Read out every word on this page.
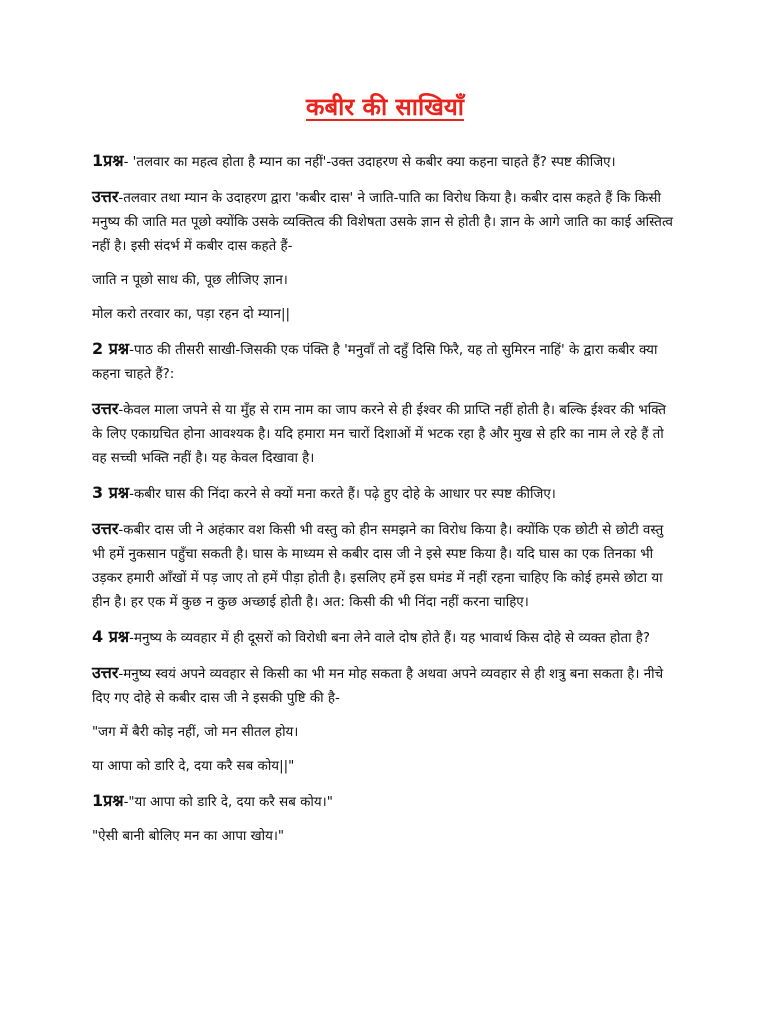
कबीर की साखियाँ

1प्रश्न- 'तलवार का महत्व होता है म्यान का नहीं'-उक्त उदाहरण से कबीर क्या कहना चाहते हैं? स्पष्ट कीजिए।

उत्तर-तलवार तथा म्यान के उदाहरण द्वारा 'कबीर दास' ने जाति-पाति का विरोध किया है। कबीर दास कहते हैं कि किसी मनुष्य की जाति मत पूछो क्योंकि उसके व्यक्तित्व की विशेषता उसके ज्ञान से होती है। ज्ञान के आगे जाति का काई अस्तित्व नहीं है। इसी संदर्भ में कबीर दास कहते हैं-

जाति न पूछो साध की, पूछ लीजिए ज्ञान।

मोल करो तरवार का, पड़ा रहन दो म्यान||

2 प्रश्न-पाठ की तीसरी साखी-जिसकी एक पंक्ति है 'मनुवाँ तो दहुँ दिसि फिरै, यह तो सुमिरन नाहिं' के द्वारा कबीर क्या कहना चाहते हैं?:

उत्तर-केवल माला जपने से या मुँह से राम नाम का जाप करने से ही ईश्वर की प्राप्ति नहीं होती है। बल्कि ईश्वर की भक्ति के लिए एकाग्रचित होना आवश्यक है। यदि हमारा मन चारों दिशाओं में भटक रहा है और मुख से हरि का नाम ले रहे हैं तो वह सच्ची भक्ति नहीं है। यह केवल दिखावा है।

3 प्रश्न-कबीर घास की निंदा करने से क्यों मना करते हैं। पढ़े हुए दोहे के आधार पर स्पष्ट कीजिए।

उत्तर-कबीर दास जी ने अहंकार वश किसी भी वस्तु को हीन समझने का विरोध किया है। क्योंकि एक छोटी से छोटी वस्तु भी हमें नुकसान पहुँचा सकती है। घास के माध्यम से कबीर दास जी ने इसे स्पष्ट किया है। यदि घास का एक तिनका भी उड़कर हमारी आँखों में पड़ जाए तो हमें पीड़ा होती है। इसलिए हमें इस घमंड में नहीं रहना चाहिए कि कोई हमसे छोटा या हीन है। हर एक में कुछ न कुछ अच्छाई होती है। अत: किसी की भी निंदा नहीं करना चाहिए।

4 प्रश्न-मनुष्य के व्यवहार में ही दूसरों को विरोधी बना लेने वाले दोष होते हैं। यह भावार्थ किस दोहे से व्यक्त होता है?

उत्तर-मनुष्य स्वयं अपने व्यवहार से किसी का भी मन मोह सकता है अथवा अपने व्यवहार से ही शत्रु बना सकता है। नीचे दिए गए दोहे से कबीर दास जी ने इसकी पुष्टि की है-

"जग में बैरी कोइ नहीं, जो मन सीतल होय।

या आपा को डारि दे, दया करै सब कोय||"

1प्रश्न-"या आपा को डारि दे, दया करै सब कोय।"

"ऐसी बानी बोलिए मन का आपा खोय।"
